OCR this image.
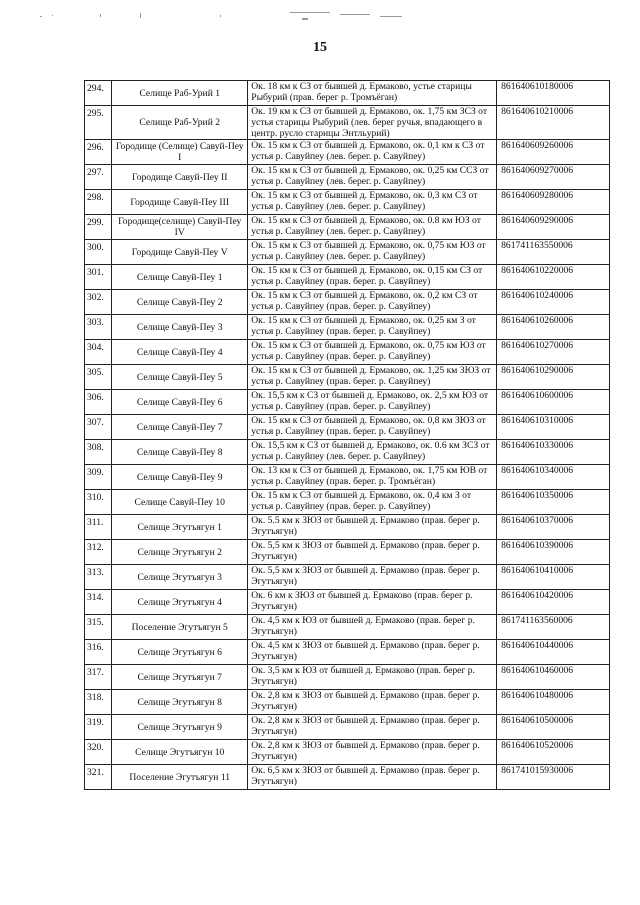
15
294.	Селище Раб-Урий 1	Ок. 18 км к СЗ от бывшей д. Ермаково, устье старицы Рыбурий (прав. берег р. Тромъёган)	861640610180006
295.	Селище Раб-Урий 2	Ок. 19 км к СЗ от бывшей д. Ермаково, ок. 1,75 км ЗСЗ от устья старицы Рыбурий (лев. берег ручья, впадающего в центр. русло старицы Энтльурий)	861640610210006
296.	Городище (Селище) Савуй-Пеу I	Ок. 15 км к СЗ от бывшей д. Ермаково, ок. 0,1 км к СЗ от устья р. Савуйпеу (лев. берег. р. Савуйпеу)	861640609260006
297.	Городище Савуй-Пеу II	Ок. 15 км к СЗ от бывшей д. Ермаково, ок. 0,25 км ССЗ от устья р. Савуйпеу (лев. берег. р. Савуйпеу)	861640609270006
298.	Городище Савуй-Пеу III	Ок. 15 км к СЗ от бывшей д. Ермаково, ок. 0,3 км СЗ от устья р. Савуйпеу (лев. берег. р. Савуйпеу)	861640609280006
299.	Городище(селище) Савуй-Пеу IV	Ок. 15 км к СЗ от бывшей д. Ермаково, ок. 0.8 км ЮЗ от устья р. Савуйпеу (лев. берег. р. Савуйпеу)	861640609290006
300.	Городище Савуй-Пеу V	Ок. 15 км к СЗ от бывшей д. Ермаково, ок. 0,75 км ЮЗ от устья р. Савуйпеу (лев. берег. р. Савуйпеу)	861741163550006
301.	Селище Савуй-Пеу 1	Ок. 15 км к СЗ от бывшей д. Ермаково, ок. 0,15 км СЗ от устья р. Савуйпеу (прав. берег. р. Савуйпеу)	861640610220006
302.	Селище Савуй-Пеу 2	Ок. 15 км к СЗ от бывшей д. Ермаково, ок. 0,2 км СЗ от устья р. Савуйпеу (прав. берег. р. Савуйпеу)	861640610240006
303.	Селище Савуй-Пеу 3	Ок. 15 км к СЗ от бывшей д. Ермаково, ок. 0,25 км З от устья р. Савуйпеу (прав. берег. р. Савуйпеу)	861640610260006
304.	Селище Савуй-Пеу 4	Ок. 15 км к СЗ от бывшей д. Ермаково, ок. 0,75 км ЮЗ от устья р. Савуйпеу (прав. берег. р. Савуйпеу)	861640610270006
305.	Селище Савуй-Пеу 5	Ок. 15 км к СЗ от бывшей д. Ермаково, ок. 1,25 км ЗЮЗ от устья р. Савуйпеу (прав. берег. р. Савуйпеу)	861640610290006
306.	Селище Савуй-Пеу 6	Ок. 15,5 км к СЗ от бывшей д. Ермаково, ок. 2,5 км ЮЗ от устья р. Савуйпеу (прав. берег. р. Савуйпеу)	861640610600006
307.	Селище Савуй-Пеу 7	Ок. 15 км к СЗ от бывшей д. Ермаково, ок. 0,8 км ЗЮЗ от устья р. Савуйпеу (прав. берег. р. Савуйпеу)	861640610310006
308.	Селище Савуй-Пеу 8	Ок. 15,5 км к СЗ от бывшей д. Ермаково, ок. 0.6 км ЗСЗ от устья р. Савуйпеу (лев. берег. р. Савуйпеу)	861640610330006
309.	Селище Савуй-Пеу 9	Ок. 13 км к СЗ от бывшей д. Ермаково, ок. 1,75 км ЮВ от устья р. Савуйпеу (прав. берег. р. Тромъёган)	861640610340006
310.	Селище Савуй-Пеу 10	Ок. 15 км к СЗ от бывшей д. Ермаково, ок. 0,4 км З от устья р. Савуйпеу (прав. берег. р. Савуйпеу)	861640610350006
311.	Селище Эгутъягун 1	Ок. 5.5 км к ЗЮЗ от бывшей д. Ермаково (прав. берег р. Эгутъягун)	861640610370006
312.	Селище Эгутъягун 2	Ок. 5,5 км к ЗЮЗ от бывшей д. Ермаково (прав. берег р. Эгутъягун)	861640610390006
313.	Селище Эгутъягун 3	Ок. 5,5 км к ЗЮЗ от бывшей д. Ермаково (прав. берег р. Эгутъягун)	861640610410006
314.	Селище Эгутъягун 4	Ок. 6 км к ЗЮЗ от бывшей д. Ермаково (прав. берег р. Эгутъягун)	861640610420006
315.	Поселение Эгутъягун 5	Ок. 4,5 км к ЮЗ от бывшей д. Ермаково (прав. берег р. Эгутъягун)	861741163560006
316.	Селище Эгутъягун 6	Ок. 4,5 км к ЗЮЗ от бывшей д. Ермаково (прав. берег р. Эгутъягун)	861640610440006
317.	Селище Эгутъягун 7	Ок. 3,5 км к ЮЗ от бывшей д. Ермаково (прав. берег р. Эгутъягун)	861640610460006
318.	Селище Эгутъягун 8	Ок. 2,8 км к ЗЮЗ от бывшей д. Ермаково (прав. берег р. Эгутъягун)	861640610480006
319.	Селище Эгутъягун 9	Ок. 2,8 км к ЗЮЗ от бывшей д. Ермаково (прав. берег р. Эгутъягун)	861640610500006
320.	Селище Эгутъягун 10	Ок. 2,8 км к ЗЮЗ от бывшей д. Ермаково (прав. берег р. Эгутъягун)	861640610520006
321.	Поселение Эгутъягун 11	Ок. 6,5 км к ЗЮЗ от бывшей д. Ермаково (прав. берег р. Эгутъягун)	861741015930006
